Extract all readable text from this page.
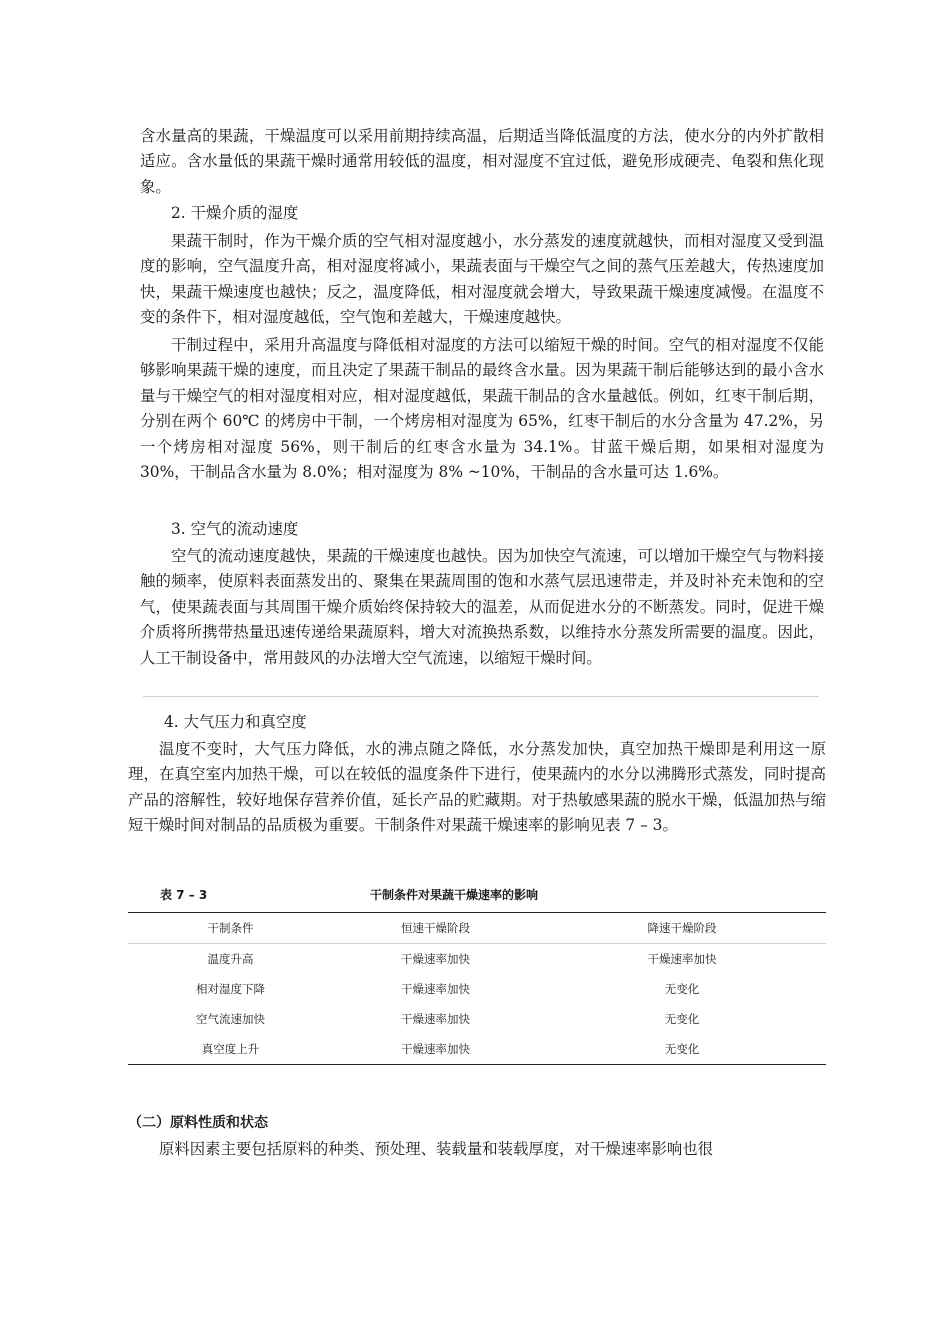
含水量高的果蔬，干燥温度可以采用前期持续高温，后期适当降低温度的方法，使水分的内外扩散相适应。含水量低的果蔬干燥时通常用较低的温度，相对湿度不宜过低，避免形成硬壳、龟裂和焦化现象。
2. 干燥介质的湿度
果蔬干制时，作为干燥介质的空气相对湿度越小，水分蒸发的速度就越快，而相对湿度又受到温度的影响，空气温度升高，相对湿度将减小，果蔬表面与干燥空气之间的蒸气压差越大，传热速度加快，果蔬干燥速度也越快；反之，温度降低，相对湿度就会增大，导致果蔬干燥速度减慢。在温度不变的条件下，相对湿度越低，空气饱和差越大，干燥速度越快。
干制过程中，采用升高温度与降低相对湿度的方法可以缩短干燥的时间。空气的相对湿度不仅能够影响果蔬干燥的速度，而且决定了果蔬干制品的最终含水量。因为果蔬干制后能够达到的最小含水量与干燥空气的相对湿度相对应，相对湿度越低，果蔬干制品的含水量越低。例如，红枣干制后期，分别在两个 60℃ 的烤房中干制，一个烤房相对湿度为 65%，红枣干制后的水分含量为 47.2%，另一个烤房相对湿度 56%，则干制后的红枣含水量为 34.1%。甘蓝干燥后期，如果相对湿度为 30%，干制品含水量为 8.0%；相对湿度为 8% ~10%，干制品的含水量可达 1.6%。
3. 空气的流动速度
空气的流动速度越快，果蔬的干燥速度也越快。因为加快空气流速，可以增加干燥空气与物料接触的频率，使原料表面蒸发出的、聚集在果蔬周围的饱和水蒸气层迅速带走，并及时补充未饱和的空气，使果蔬表面与其周围干燥介质始终保持较大的温差，从而促进水分的不断蒸发。同时，促进干燥介质将所携带热量迅速传递给果蔬原料，增大对流换热系数，以维持水分蒸发所需要的温度。因此，人工干制设备中，常用鼓风的办法增大空气流速，以缩短干燥时间。
4. 大气压力和真空度
温度不变时，大气压力降低，水的沸点随之降低，水分蒸发加快，真空加热干燥即是利用这一原理，在真空室内加热干燥，可以在较低的温度条件下进行，使果蔬内的水分以沸腾形式蒸发，同时提高产品的溶解性，较好地保存营养价值，延长产品的贮藏期。对于热敏感果蔬的脱水干燥，低温加热与缩短干燥时间对制品的品质极为重要。干制条件对果蔬干燥速率的影响见表 7 – 3。
表 7 – 3	干制条件对果蔬干燥速率的影响
干制条件	恒速干燥阶段	降速干燥阶段
温度升高	干燥速率加快	干燥速率加快
相对湿度下降	干燥速率加快	无变化
空气流速加快	干燥速率加快	无变化
真空度上升	干燥速率加快	无变化
（二）原料性质和状态
原料因素主要包括原料的种类、预处理、装载量和装载厚度，对干燥速率影响也很
